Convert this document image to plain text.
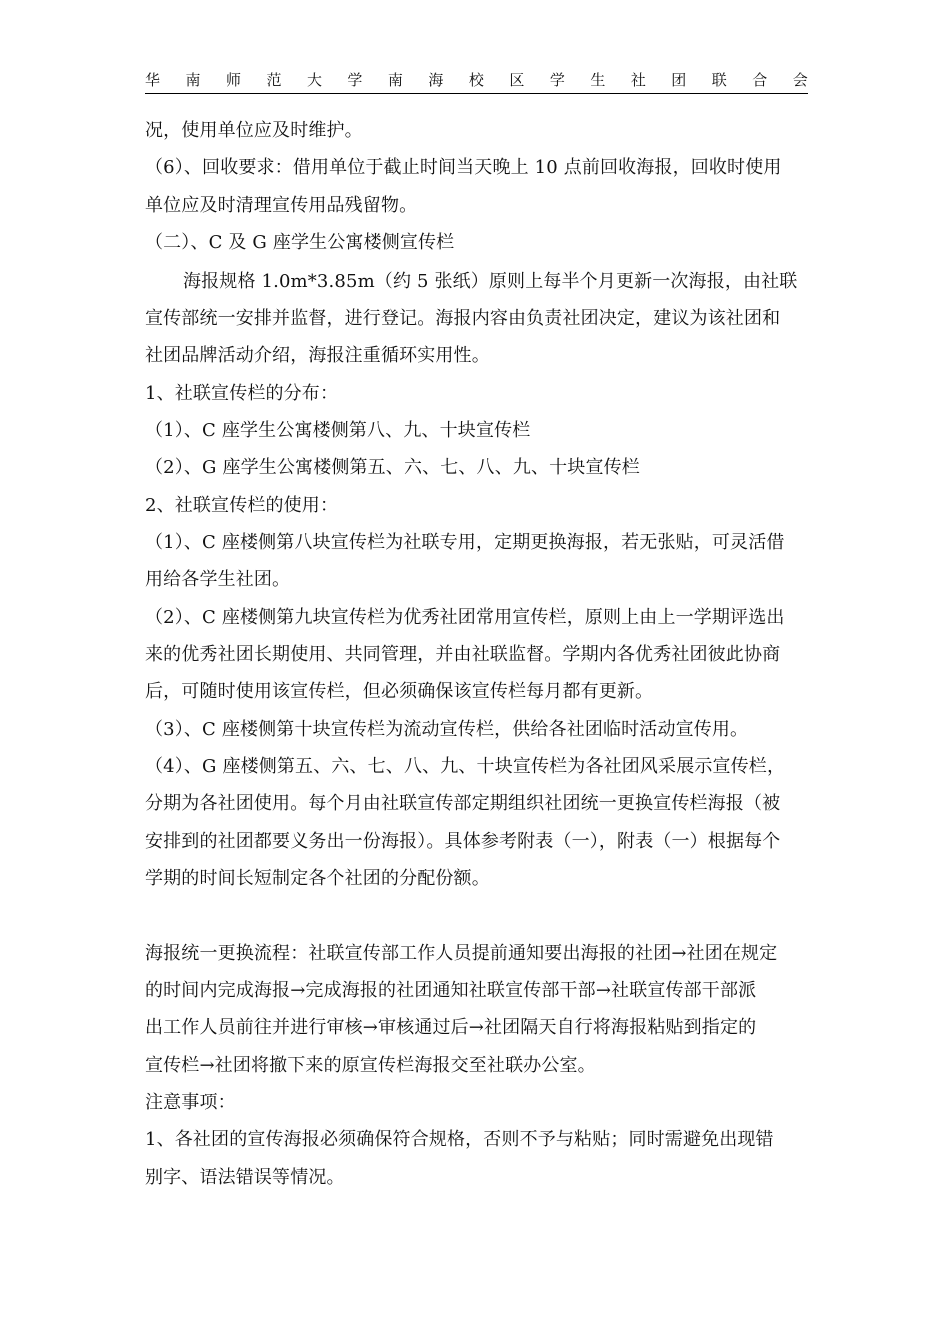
华 南 师 范 大 学 南 海 校 区 学 生 社 团 联 合 会
况，使用单位应及时维护。
（6）、回收要求：借用单位于截止时间当天晚上 10 点前回收海报，回收时使用
单位应及时清理宣传用品残留物。
（二）、C 及 G 座学生公寓楼侧宣传栏
海报规格 1.0m*3.85m（约 5 张纸）原则上每半个月更新一次海报，由社联
宣传部统一安排并监督，进行登记。海报内容由负责社团决定，建议为该社团和
社团品牌活动介绍，海报注重循环实用性。
1、社联宣传栏的分布：
（1）、C 座学生公寓楼侧第八、九、十块宣传栏
（2）、G 座学生公寓楼侧第五、六、七、八、九、十块宣传栏
2、社联宣传栏的使用：
（1）、C 座楼侧第八块宣传栏为社联专用，定期更换海报，若无张贴，可灵活借
用给各学生社团。
（2）、C 座楼侧第九块宣传栏为优秀社团常用宣传栏，原则上由上一学期评选出
来的优秀社团长期使用、共同管理，并由社联监督。学期内各优秀社团彼此协商
后，可随时使用该宣传栏，但必须确保该宣传栏每月都有更新。
（3）、C 座楼侧第十块宣传栏为流动宣传栏，供给各社团临时活动宣传用。
（4）、G 座楼侧第五、六、七、八、九、十块宣传栏为各社团风采展示宣传栏，
分期为各社团使用。每个月由社联宣传部定期组织社团统一更换宣传栏海报（被
安排到的社团都要义务出一份海报）。具体参考附表（一），附表（一）根据每个
学期的时间长短制定各个社团的分配份额。
海报统一更换流程：社联宣传部工作人员提前通知要出海报的社团→社团在规定
的时间内完成海报→完成海报的社团通知社联宣传部干部→社联宣传部干部派
出工作人员前往并进行审核→审核通过后→社团隔天自行将海报粘贴到指定的
宣传栏→社团将撤下来的原宣传栏海报交至社联办公室。
注意事项：
1、各社团的宣传海报必须确保符合规格，否则不予与粘贴；同时需避免出现错
别字、语法错误等情况。
